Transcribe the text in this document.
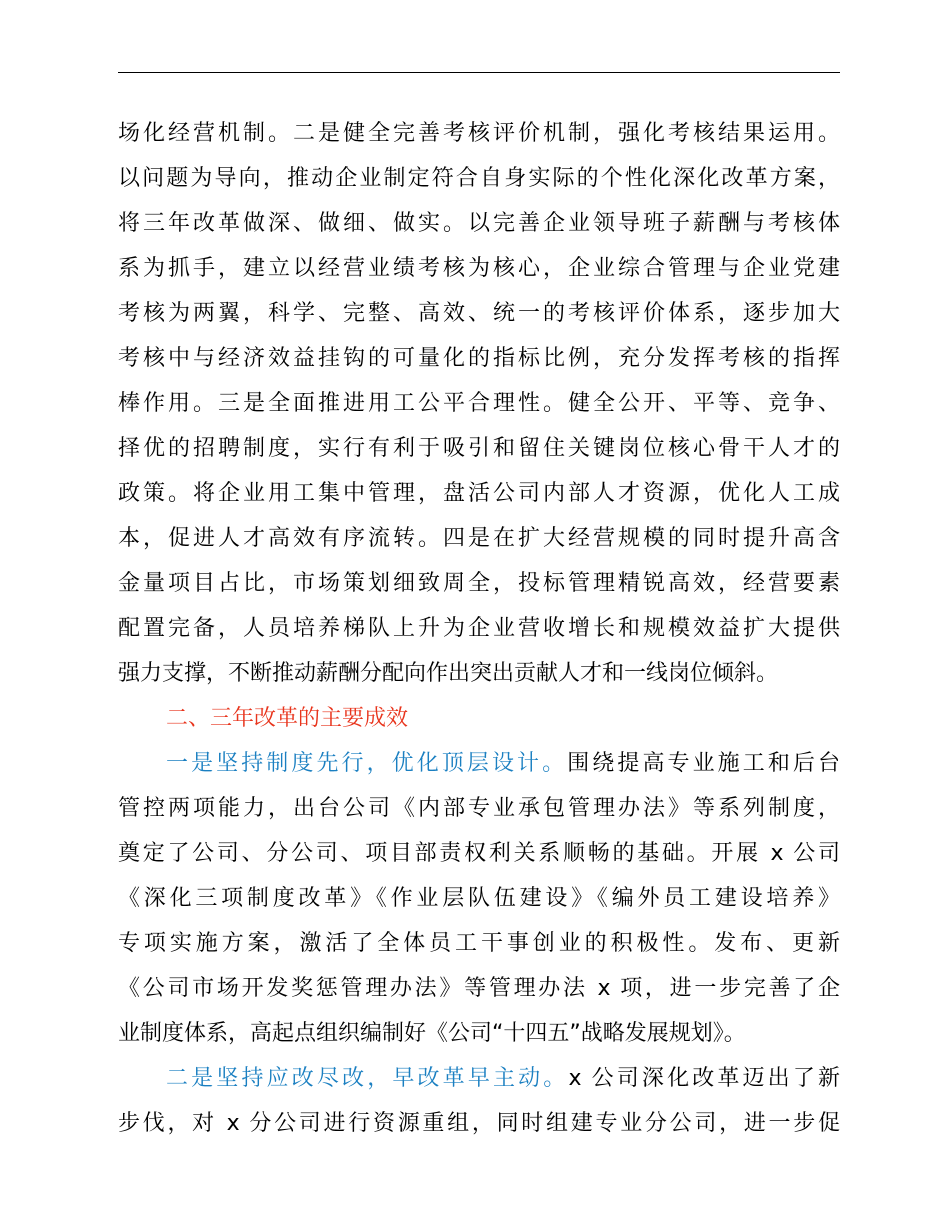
场化经营机制。二是健全完善考核评价机制，强化考核结果运用。
以问题为导向，推动企业制定符合自身实际的个性化深化改革方案，
将三年改革做深、做细、做实。以完善企业领导班子薪酬与考核体
系为抓手，建立以经营业绩考核为核心，企业综合管理与企业党建
考核为两翼，科学、完整、高效、统一的考核评价体系，逐步加大
考核中与经济效益挂钩的可量化的指标比例，充分发挥考核的指挥
棒作用。三是全面推进用工公平合理性。健全公开、平等、竞争、
择优的招聘制度，实行有利于吸引和留住关键岗位核心骨干人才的
政策。将企业用工集中管理，盘活公司内部人才资源，优化人工成
本，促进人才高效有序流转。四是在扩大经营规模的同时提升高含
金量项目占比，市场策划细致周全，投标管理精锐高效，经营要素
配置完备，人员培养梯队上升为企业营收增长和规模效益扩大提供
强力支撑，不断推动薪酬分配向作出突出贡献人才和一线岗位倾斜。
二、三年改革的主要成效
一是坚持制度先行，优化顶层设计。围绕提高专业施工和后台
管控两项能力，出台公司《内部专业承包管理办法》等系列制度，
奠定了公司、分公司、项目部责权利关系顺畅的基础。开展 x 公司
《深化三项制度改革》《作业层队伍建设》《编外员工建设培养》
专项实施方案，激活了全体员工干事创业的积极性。发布、更新
《公司市场开发奖惩管理办法》等管理办法 x 项，进一步完善了企
业制度体系，高起点组织编制好《公司“十四五”战略发展规划》。
二是坚持应改尽改，早改革早主动。x 公司深化改革迈出了新
步伐，对 x 分公司进行资源重组，同时组建专业分公司，进一步促
